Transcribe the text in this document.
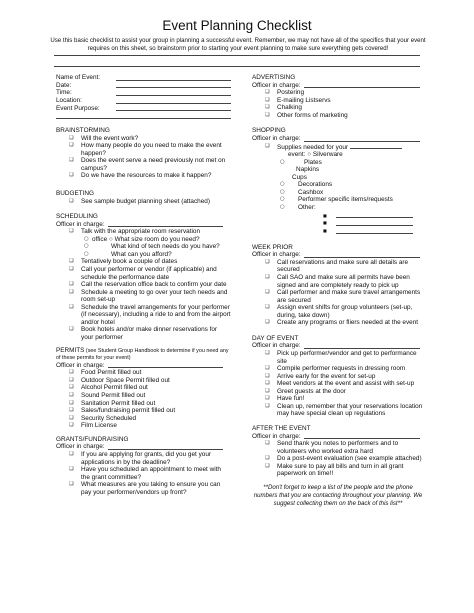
Event Planning Checklist
Use this basic checklist to assist your group in planning a successful event. Remember, we may not have all of the specifics that your event requires on this sheet, so brainstorm prior to starting your event planning to make sure everything gets covered!
Name of Event:
Date:
Time:
Location:
Event Purpose:
BRAINSTORMING
❏ Will the event work?
❏ How many people do you need to make the event happen?
❏ Does the event serve a need previously not met on campus?
❏ Do we have the resources to make it happen?
BUDGETING
❏ See sample budget planning sheet (attached)
SCHEDULING
Officer in charge:
❏ Talk with the appropriate room reservation
○ office ○ What size room do you need?
○ What kind of tech needs do you have?
○ What can you afford?
❏ Tentatively book a couple of dates
❏ Call your performer or vendor (if applicable) and schedule the performance date
❏ Call the reservation office back to confirm your date
❏ Schedule a meeting to go over your tech needs and room set-up
❏ Schedule the travel arrangements for your performer (if necessary), including a ride to and from the airport and/or hotel
❏ Book hotels and/or make dinner reservations for your performer
PERMITS (see Student Group Handbook to determine if you need any of these permits for your event)
Officer in charge:
❏ Food Permit filled out
❏ Outdoor Space Permit filled out
❏ Alcohol Permit filled out
❏ Sound Permit filled out
❏ Sanitation Permit filled out
❏ Sales/fundraising permit filled out
❏ Security Scheduled
❏ Film License
GRANTS/FUNDRAISING
Officer in charge:
❏ If you are applying for grants, did you get your applications in by the deadline?
❏ Have you scheduled an appointment to meet with the grant committee?
❏ What measures are you taking to ensure you can pay your performer/vendors up front?
ADVERTISING
Officer in charge:
❏ Postering
❏ E-mailing Listservs
❏ Chalking
❏ Other forms of marketing
SHOPPING
Officer in charge:
❏ Supplies needed for your
event: ○ Silverware
○ Plates
Napkins
Cups
○ Decorations
○ Cashbox
○ Performer specific items/requests
○ Other:
■
■
■
WEEK PRIOR
Officer in charge:
❏ Call reservations and make sure all details are secured
❏ Call SAO and make sure all permits have been signed and are completely ready to pick up
❏ Call performer and make sure travel arrangements are secured
❏ Assign event shifts for group volunteers (set-up, during, take down)
❏ Create any programs or fliers needed at the event
DAY OF EVENT
Officer in charge:
❏ Pick up performer/vendor and get to performance site
❏ Compile performer requests in dressing room
❏ Arrive early for the event for set-up
❏ Meet vendors at the event and assist with set-up
❏ Greet guests at the door
❏ Have fun!
❏ Clean up, remember that your reservations location may have special clean up regulations
AFTER THE EVENT
Officer in charge:
❏ Send thank you notes to performers and to volunteers who worked extra hard
❏ Do a post-event evaluation (see example attached)
❏ Make sure to pay all bills and turn in all grant paperwork on time!!
**Don't forget to keep a list of the people and the phone numbers that you are contacting throughout your planning. We suggest collecting them on the back of this list**
